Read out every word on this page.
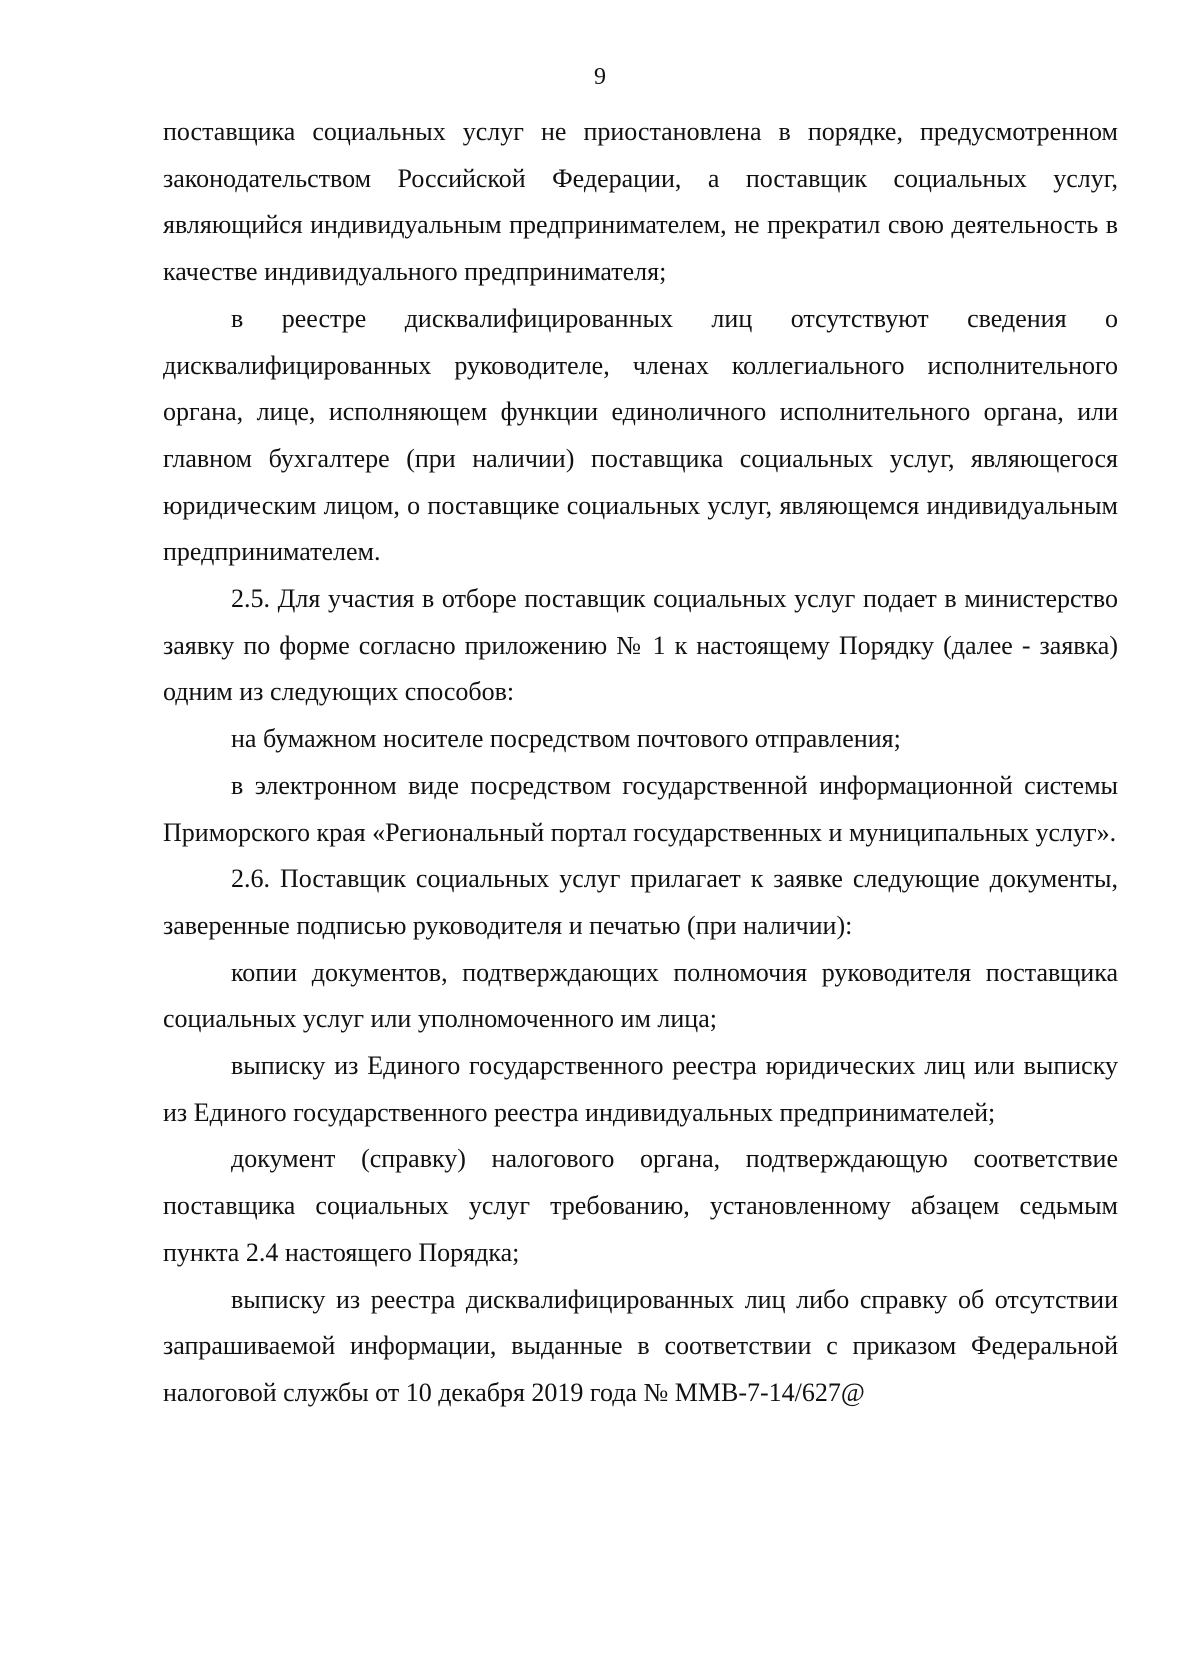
9

поставщика социальных услуг не приостановлена в порядке, предусмотренном законодательством Российской Федерации, а поставщик социальных услуг, являющийся индивидуальным предпринимателем, не прекратил свою деятельность в качестве индивидуального предпринимателя;

в реестре дисквалифицированных лиц отсутствуют сведения о дисквалифицированных руководителе, членах коллегиального исполнительного органа, лице, исполняющем функции единоличного исполнительного органа, или главном бухгалтере (при наличии) поставщика социальных услуг, являющегося юридическим лицом, о поставщике социальных услуг, являющемся индивидуальным предпринимателем.

2.5. Для участия в отборе поставщик социальных услуг подает в министерство заявку по форме согласно приложению № 1 к настоящему Порядку (далее - заявка) одним из следующих способов:

на бумажном носителе посредством почтового отправления;

в электронном виде посредством государственной информационной системы Приморского края «Региональный портал государственных и муниципальных услуг».

2.6. Поставщик социальных услуг прилагает к заявке следующие документы, заверенные подписью руководителя и печатью (при наличии):

копии документов, подтверждающих полномочия руководителя поставщика социальных услуг или уполномоченного им лица;

выписку из Единого государственного реестра юридических лиц или выписку из Единого государственного реестра индивидуальных предпринимателей;

документ (справку) налогового органа, подтверждающую соответствие поставщика социальных услуг требованию, установленному абзацем седьмым пункта 2.4 настоящего Порядка;

выписку из реестра дисквалифицированных лиц либо справку об отсутствии запрашиваемой информации, выданные в соответствии с приказом Федеральной налоговой службы от 10 декабря 2019 года № ММВ-7-14/627@
